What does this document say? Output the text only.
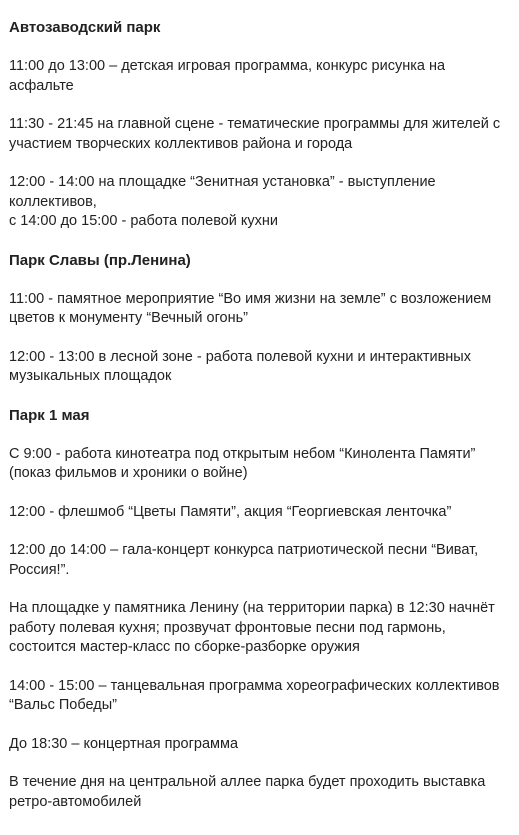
Автозаводский парк

11:00 до 13:00 – детская игровая программа, конкурс рисунка на
асфальте

11:30 - 21:45 на главной сцене - тематические программы для жителей с
участием творческих коллективов района и города

12:00 - 14:00 на площадке “Зенитная установка” - выступление
коллективов,
с 14:00 до 15:00 - работа полевой кухни

Парк Славы (пр.Ленина)

11:00 - памятное мероприятие “Во имя жизни на земле” с возложением
цветов к монументу “Вечный огонь”

12:00 - 13:00 в лесной зоне - работа полевой кухни и интерактивных
музыкальных площадок

Парк 1 мая

С 9:00 - работа кинотеатра под открытым небом “Кинолента Памяти”
(показ фильмов и хроники о войне)

12:00 - флешмоб “Цветы Памяти”, акция “Георгиевская ленточка”

12:00 до 14:00 – гала-концерт конкурса патриотической песни “Виват,
Россия!”.

На площадке у памятника Ленину (на территории парка) в 12:30 начнёт
работу полевая кухня; прозвучат фронтовые песни под гармонь,
состоится мастер-класс по сборке-разборке оружия

14:00 - 15:00 – танцевальная программа хореографических коллективов
“Вальс Победы”

До 18:30 – концертная программа

В течение дня на центральной аллее парка будет проходить выставка
ретро-автомобилей
